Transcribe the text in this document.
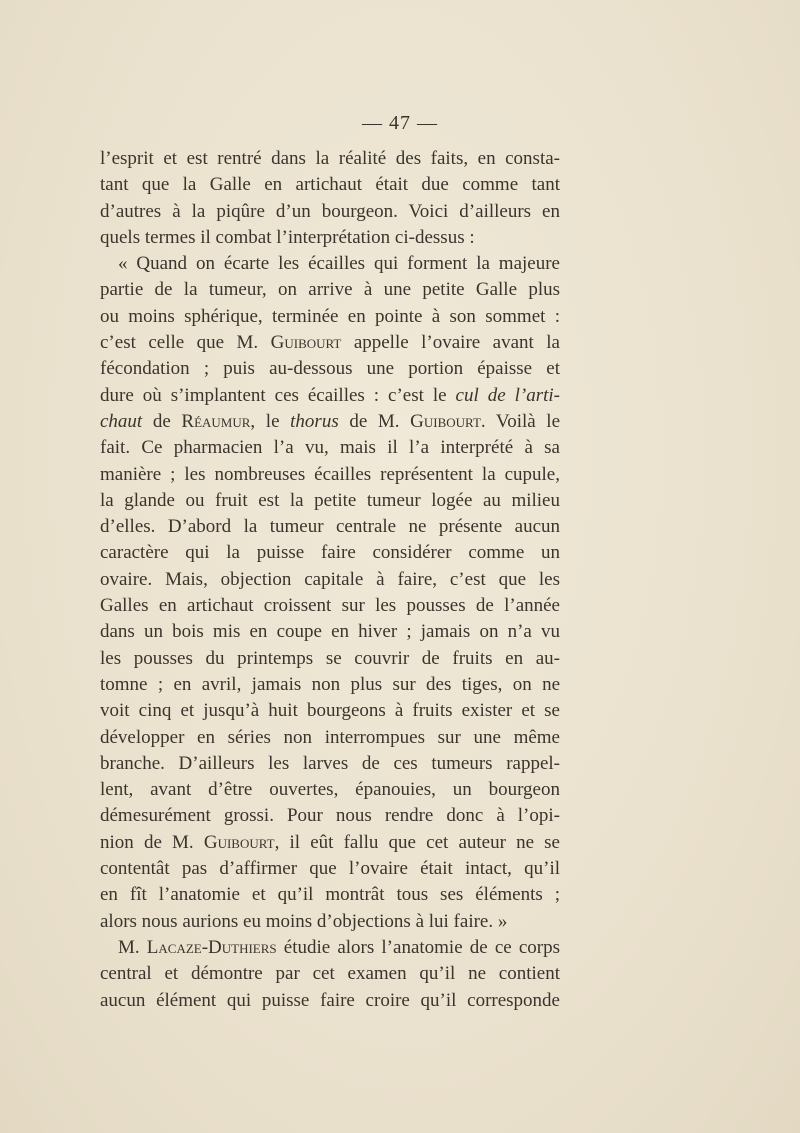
— 47 —
l’esprit et est rentré dans la réalité des faits, en consta-
tant que la Galle en artichaut était due comme tant
d’autres à la piqûre d’un bourgeon. Voici d’ailleurs en
quels termes il combat l’interprétation ci-dessus :
« Quand on écarte les écailles qui forment la majeure
partie de la tumeur, on arrive à une petite Galle plus
ou moins sphérique, terminée en pointe à son sommet :
c’est celle que M. Guibourt appelle l’ovaire avant la
fécondation ; puis au-dessous une portion épaisse et
dure où s’implantent ces écailles : c’est le cul de l’arti-
chaut de Réaumur, le thorus de M. Guibourt. Voilà le
fait. Ce pharmacien l’a vu, mais il l’a interprété à sa
manière ; les nombreuses écailles représentent la cupule,
la glande ou fruit est la petite tumeur logée au milieu
d’elles. D’abord la tumeur centrale ne présente aucun
caractère qui la puisse faire considérer comme un
ovaire. Mais, objection capitale à faire, c’est que les
Galles en artichaut croissent sur les pousses de l’année
dans un bois mis en coupe en hiver ; jamais on n’a vu
les pousses du printemps se couvrir de fruits en au-
tomne ; en avril, jamais non plus sur des tiges, on ne
voit cinq et jusqu’à huit bourgeons à fruits exister et se
développer en séries non interrompues sur une même
branche. D’ailleurs les larves de ces tumeurs rappel-
lent, avant d’être ouvertes, épanouies, un bourgeon
démesurément grossi. Pour nous rendre donc à l’opi-
nion de M. Guibourt, il eût fallu que cet auteur ne se
contentât pas d’affirmer que l’ovaire était intact, qu’il
en fît l’anatomie et qu’il montrât tous ses éléments ;
alors nous aurions eu moins d’objections à lui faire. »
M. Lacaze-Duthiers étudie alors l’anatomie de ce corps
central et démontre par cet examen qu’il ne contient
aucun élément qui puisse faire croire qu’il corresponde
